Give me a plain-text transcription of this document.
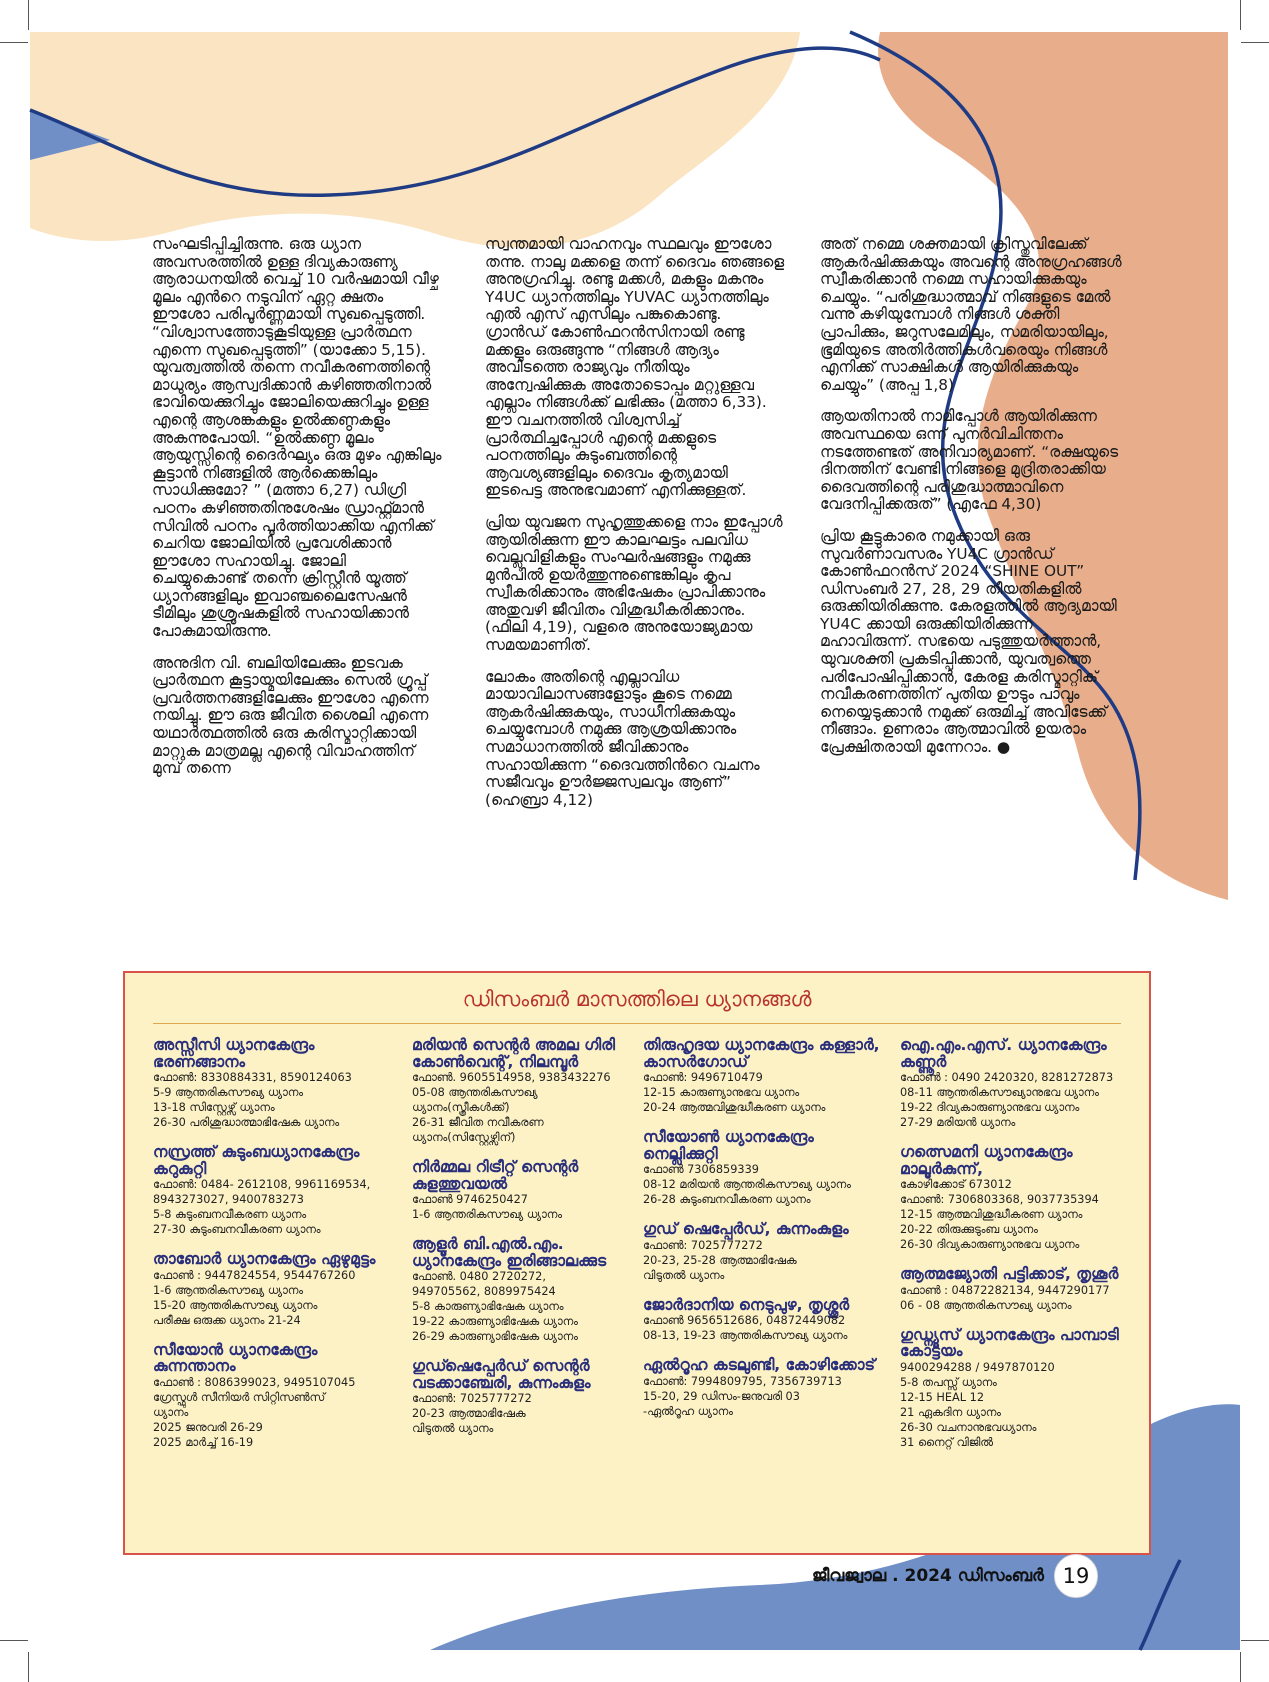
സംഘടിപ്പിച്ചിരുന്നു. ഒരു ധ്യാന അവസരത്തിൽ ഉള്ള ദിവ്യകാരുണ്യ ആരാധനയിൽ വെച്ച് 10 വർഷമായി വീഴ്ച മൂലം എൻറെ നടുവിന് ഏറ്റ ക്ഷതം ഈശോ പരിപൂർണ്ണമായി സുഖപ്പെടുത്തി. “വിശ്വാസത്തോടുകൂടിയുള്ള പ്രാർത്ഥന എന്നെ സുഖപ്പെടുത്തി” (യാക്കോ 5,15). യുവത്വത്തിൽ തന്നെ നവീകരണത്തിന്റെ മാധുര്യം ആസ്വദിക്കാൻ കഴിഞ്ഞതിനാൽ ഭാവിയെക്കുറിച്ചും ജോലിയെക്കുറിച്ചും ഉള്ള എന്റെ ആശങ്കകളും ഉൽക്കണ്ഠകളും അകന്നുപോയി. “ഉൽക്കണ്ഠ മൂലം ആയുസ്സിന്റെ ദൈർഘ്യം ഒരു മുഴം എങ്കിലും കൂട്ടാൻ നിങ്ങളിൽ ആർക്കെങ്കിലും സാധിക്കുമോ? ” (മത്താ 6,27) ഡിഗ്രി പഠനം കഴിഞ്ഞതിനുശേഷം ഡ്രാഫ്റ്റ്മാൻ സിവിൽ പഠനം പൂർത്തിയാക്കിയ എനിക്ക് ചെറിയ ജോലിയിൽ പ്രവേശിക്കാൻ ഈശോ സഹായിച്ചു. ജോലി ചെയ്യുകൊണ്ട് തന്നെ ക്രിസ്റ്റീൻ യൂത്ത് ധ്യാനങ്ങളിലും ഇവാഞ്ചലൈസേഷൻ ടീമിലും ശുശ്രൂഷകളിൽ സഹായിക്കാൻ പോകുമായിരുന്നു.

അനുദിന വി. ബലിയിലേക്കും ഇടവക പ്രാർത്ഥന കൂട്ടായ്മയിലേക്കും സെൽ ഗ്രൂപ്പ് പ്രവർത്തനങ്ങളിലേക്കും ഈശോ എന്നെ നയിച്ചു. ഈ ഒരു ജീവിത ശൈലി എന്നെ യഥാർത്ഥത്തിൽ ഒരു കരിസ്മാറ്റിക്കായി മാറ്റുക മാത്രമല്ല എന്റെ വിവാഹത്തിന് മുമ്പ് തന്നെ

സ്വന്തമായി വാഹനവും സ്ഥലവും ഈശോ തന്നു. നാലു മക്കളെ തന്ന് ദൈവം ഞങ്ങളെ അനുഗ്രഹിച്ചു. രണ്ടു മക്കൾ, മകളും മകനും Y4UC ധ്യാനത്തിലും YUVAC ധ്യാനത്തിലും എൽ എസ് എസിലും പങ്കുകൊണ്ടു. ഗ്രാൻഡ് കോൺഫറൻസിനായി രണ്ടു മക്കളും ഒരുങ്ങുന്നു “നിങ്ങൾ ആദ്യം അവിടത്തെ രാജ്യവും നീതിയും അന്വേഷിക്കുക അതോടൊപ്പം മറ്റുള്ളവ എല്ലാം നിങ്ങൾക്ക് ലഭിക്കും (മത്താ 6,33). ഈ വചനത്തിൽ വിശ്വസിച്ച് പ്രാർത്ഥിച്ചപ്പോൾ എന്റെ മക്കളുടെ പഠനത്തിലും കുടുംബത്തിന്റെ ആവശ്യങ്ങളിലും ദൈവം കൃത്യമായി ഇടപെട്ട അനുഭവമാണ് എനിക്കുള്ളത്.

പ്രിയ യുവജന സുഹൃത്തുക്കളെ നാം ഇപ്പോൾ ആയിരിക്കുന്ന ഈ കാലഘട്ടം പലവിധ വെല്ലുവിളികളും സംഘർഷങ്ങളും നമുക്കു മുൻപിൽ ഉയർത്തുന്നുണ്ടെങ്കിലും കൃപ സ്വീകരിക്കാനും അഭിഷേകം പ്രാപിക്കാനും അതുവഴി ജീവിതം വിശുദ്ധീകരിക്കാനും. (ഫിലി 4,19), വളരെ അനുയോജ്യമായ സമയമാണിത്.

ലോകം അതിന്റെ എല്ലാവിധ മായാവിലാസങ്ങളോടും കൂടെ നമ്മെ ആകർഷിക്കുകയും, സാധീനിക്കുകയും ചെയ്യുമ്പോൾ നമുക്കു ആശ്രയിക്കാനും സമാധാനത്തിൽ ജീവിക്കാനും സഹായിക്കുന്ന “ദൈവത്തിൻറെ വചനം സജീവവും ഊർജ്ജസ്വലവും ആണ്” (ഹെബ്രാ 4,12)

അത് നമ്മെ ശക്തമായി ക്രിസ്തുവിലേക്ക് ആകർഷിക്കുകയും അവന്റെ അനുഗ്രഹങ്ങൾ സ്വീകരിക്കാൻ നമ്മെ സഹായിക്കുകയും ചെയ്യും. “പരിശുദ്ധാത്മാവ് നിങ്ങളുടെ മേൽ വന്നു കഴിയുമ്പോൾ നിങ്ങൾ ശക്തി പ്രാപിക്കും, ജറുസലേമിലും, സമരിയായിലും, ഭൂമിയുടെ അതിർത്തികൾവരെയും നിങ്ങൾ എനിക്ക് സാക്ഷികൾ ആയിരിക്കുകയും ചെയ്യും” (അപ്പ 1,8)

ആയതിനാൽ നാമിപ്പോൾ ആയിരിക്കുന്ന അവസ്ഥയെ ഒന്ന് പുനർവിചിന്തനം നടത്തേണ്ടത് അനിവാര്യമാണ്. “രക്ഷയുടെ ദിനത്തിന് വേണ്ടി നിങ്ങളെ മുദ്രിതരാക്കിയ ദൈവത്തിന്റെ പരിശുദ്ധാത്മാവിനെ വേദനിപ്പിക്കരുത്” (എഫേ 4,30)

പ്രിയ കൂട്ടുകാരെ നമുക്കായി ഒരു സുവർണാവസരം YU4C ഗ്രാൻഡ് കോൺഫറൻസ് 2024 “SHINE OUT” ഡിസംബർ 27, 28, 29 തീയതികളിൽ ഒരുക്കിയിരിക്കുന്നു. കേരളത്തിൽ ആദ്യമായി YU4C ക്കായി ഒരുക്കിയിരിക്കുന്ന മഹാവിരുന്ന്. സഭയെ പടുത്തുയർത്താൻ, യുവശക്തി പ്രകടിപ്പിക്കാൻ, യുവത്വത്തെ പരിപോഷിപ്പിക്കാൻ, കേരള കരിസ്മാറ്റിക് നവീകരണത്തിന് പുതിയ ഊടും പാവും നെയ്യെടുക്കാൻ നമുക്ക് ഒരുമിച്ച് അവിടേക്ക് നീങ്ങാം. ഉണരാം ആത്മാവിൽ ഉയരാം പ്രേക്ഷിതരായി മുന്നേറാം. ●

ഡിസംബർ മാസത്തിലെ ധ്യാനങ്ങൾ
അസ്സീസി ധ്യാനകേന്ദ്രം ഭരണങ്ങാനം
ഫോൺ: 8330884331, 8590124063
5-9 ആന്തരികസൗഖ്യ ധ്യാനം
13-18 സിസ്റ്റേഴ്സ് ധ്യാനം
26-30 പരിശുദ്ധാത്മാഭിഷേക ധ്യാനം
നസ്രത്ത് കുടുംബധ്യാനകേന്ദ്രം കറുകുറ്റി
ഫോൺ: 0484- 2612108, 9961169534,
8943273027, 9400783273
5-8 കുടുംബനവീകരണ ധ്യാനം
27-30 കുടുംബനവീകരണ ധ്യാനം
താബോർ ധ്യാനകേന്ദ്രം ഏഴുമുട്ടം
ഫോൺ : 9447824554, 9544767260
1-6 ആന്തരികസൗഖ്യ ധ്യാനം
15-20 ആന്തരികസൗഖ്യ ധ്യാനം
പരീക്ഷ ഒരുക്ക ധ്യാനം 21-24
സീയോൻ ധ്യാനകേന്ദ്രം കുന്നന്താനം
ഫോൺ : 8086399023, 9495107045
ഗ്രേസ്ഫുൾ സീനിയർ സിറ്റിസൺസ്
ധ്യാനം
2025 ജനുവരി 26-29
2025 മാർച്ച് 16-19
മരിയൻ സെന്റർ അമല ഗിരി കോൺവെന്റ്, നിലമ്പൂർ
ഫോൺ. 9605514958, 9383432276
05-08 ആന്തരികസൗഖ്യ
ധ്യാനം(സ്ത്രീകൾക്ക്)
26-31 ജീവിത നവീകരണ
ധ്യാനം(സിസ്റ്റേഴ്സിന്)
നിർമ്മല റിട്രീറ്റ് സെന്റർ കുളത്തുവയൽ
ഫോൺ 9746250427
1-6 ആന്തരികസൗഖ്യ ധ്യാനം
ആളൂർ ബി.എൽ.എം. ധ്യാനകേന്ദ്രം ഇരിങ്ങാലക്കുട
ഫോൺ. 0480 2720272,
949705562, 8089975424
5-8 കാരുണ്യാഭിഷേക ധ്യാനം
19-22 കാരുണ്യാഭിഷേക ധ്യാനം
26-29 കാരുണ്യാഭിഷേക ധ്യാനം
ഗുഡ്ഷെപ്പേർഡ് സെന്റർ വടക്കാഞ്ചേരി, കുന്നംകുളം
ഫോൺ: 7025777272
20-23 ആത്മാഭിഷേക
വിടുതൽ ധ്യാനം
തിരുഹൃദയ ധ്യാനകേന്ദ്രം കള്ളാർ, കാസർഗോഡ്
ഫോൺ: 9496710479
12-15 കാരുണ്യാനുഭവ ധ്യാനം
20-24 ആത്മവിശുദ്ധീകരണ ധ്യാനം
സീയോൺ ധ്യാനകേന്ദ്രം നെല്ലിക്കുറ്റി
ഫോൺ 7306859339
08-12 മരിയൻ ആന്തരികസൗഖ്യ ധ്യാനം
26-28 കുടുംബനവീകരണ ധ്യാനം
ഗുഡ് ഷെപ്പേർഡ്, കുന്നംകുളം
ഫോൺ: 7025777272
20-23, 25-28 ആത്മാഭിഷേക
വിടുതൽ ധ്യാനം
ജോർദാനിയ നെടുപുഴ, തൃശ്ശൂർ
ഫോൺ 9656512686, 04872449082
08-13, 19-23 ആന്തരികസൗഖ്യ ധ്യാനം
ഏൽറൂഹ കടലുണ്ടി, കോഴിക്കോട്
ഫോൺ: 7994809795, 7356739713
15-20, 29 ഡിസം-ജനുവരി 03
-ഏൽറൂഹ ധ്യാനം
ഐ.എം.എസ്. ധ്യാനകേന്ദ്രം കണ്ണൂർ
ഫോൺ : 0490 2420320, 8281272873
08-11 ആന്തരികസൗഖ്യാനുഭവ ധ്യാനം
19-22 ദിവ്യകാരുണ്യാനുഭവ ധ്യാനം
27-29 മരിയൻ ധ്യാനം
ഗത്സെമനി ധ്യാനകേന്ദ്രം മാലൂർകുന്ന്,
കോഴിക്കോട് 673012
ഫോൺ: 7306803368, 9037735394
12-15 ആത്മവിശുദ്ധീകരണ ധ്യാനം
20-22 തിരുക്കുടുംബ ധ്യാനം
26-30 ദിവ്യകാരുണ്യാനുഭവ ധ്യാനം
ആത്മജ്യോതി പട്ടിക്കാട്, തൃശൂർ
ഫോൺ : 04872282134, 9447290177
06 - 08 ആന്തരികസൗഖ്യ ധ്യാനം
ഗുഡ്ന്യൂസ് ധ്യാനകേന്ദ്രം പാമ്പാടി കോട്ടയം
9400294288 / 9497870120
5-8 തപസ്സ് ധ്യാനം
12-15 HEAL 12
21 ഏകദിന ധ്യാനം
26-30 വചനാനുഭവധ്യാനം
31 നൈറ്റ് വിജിൽ
ജീവജ്വാല . 2024 ഡിസംബർ 19
